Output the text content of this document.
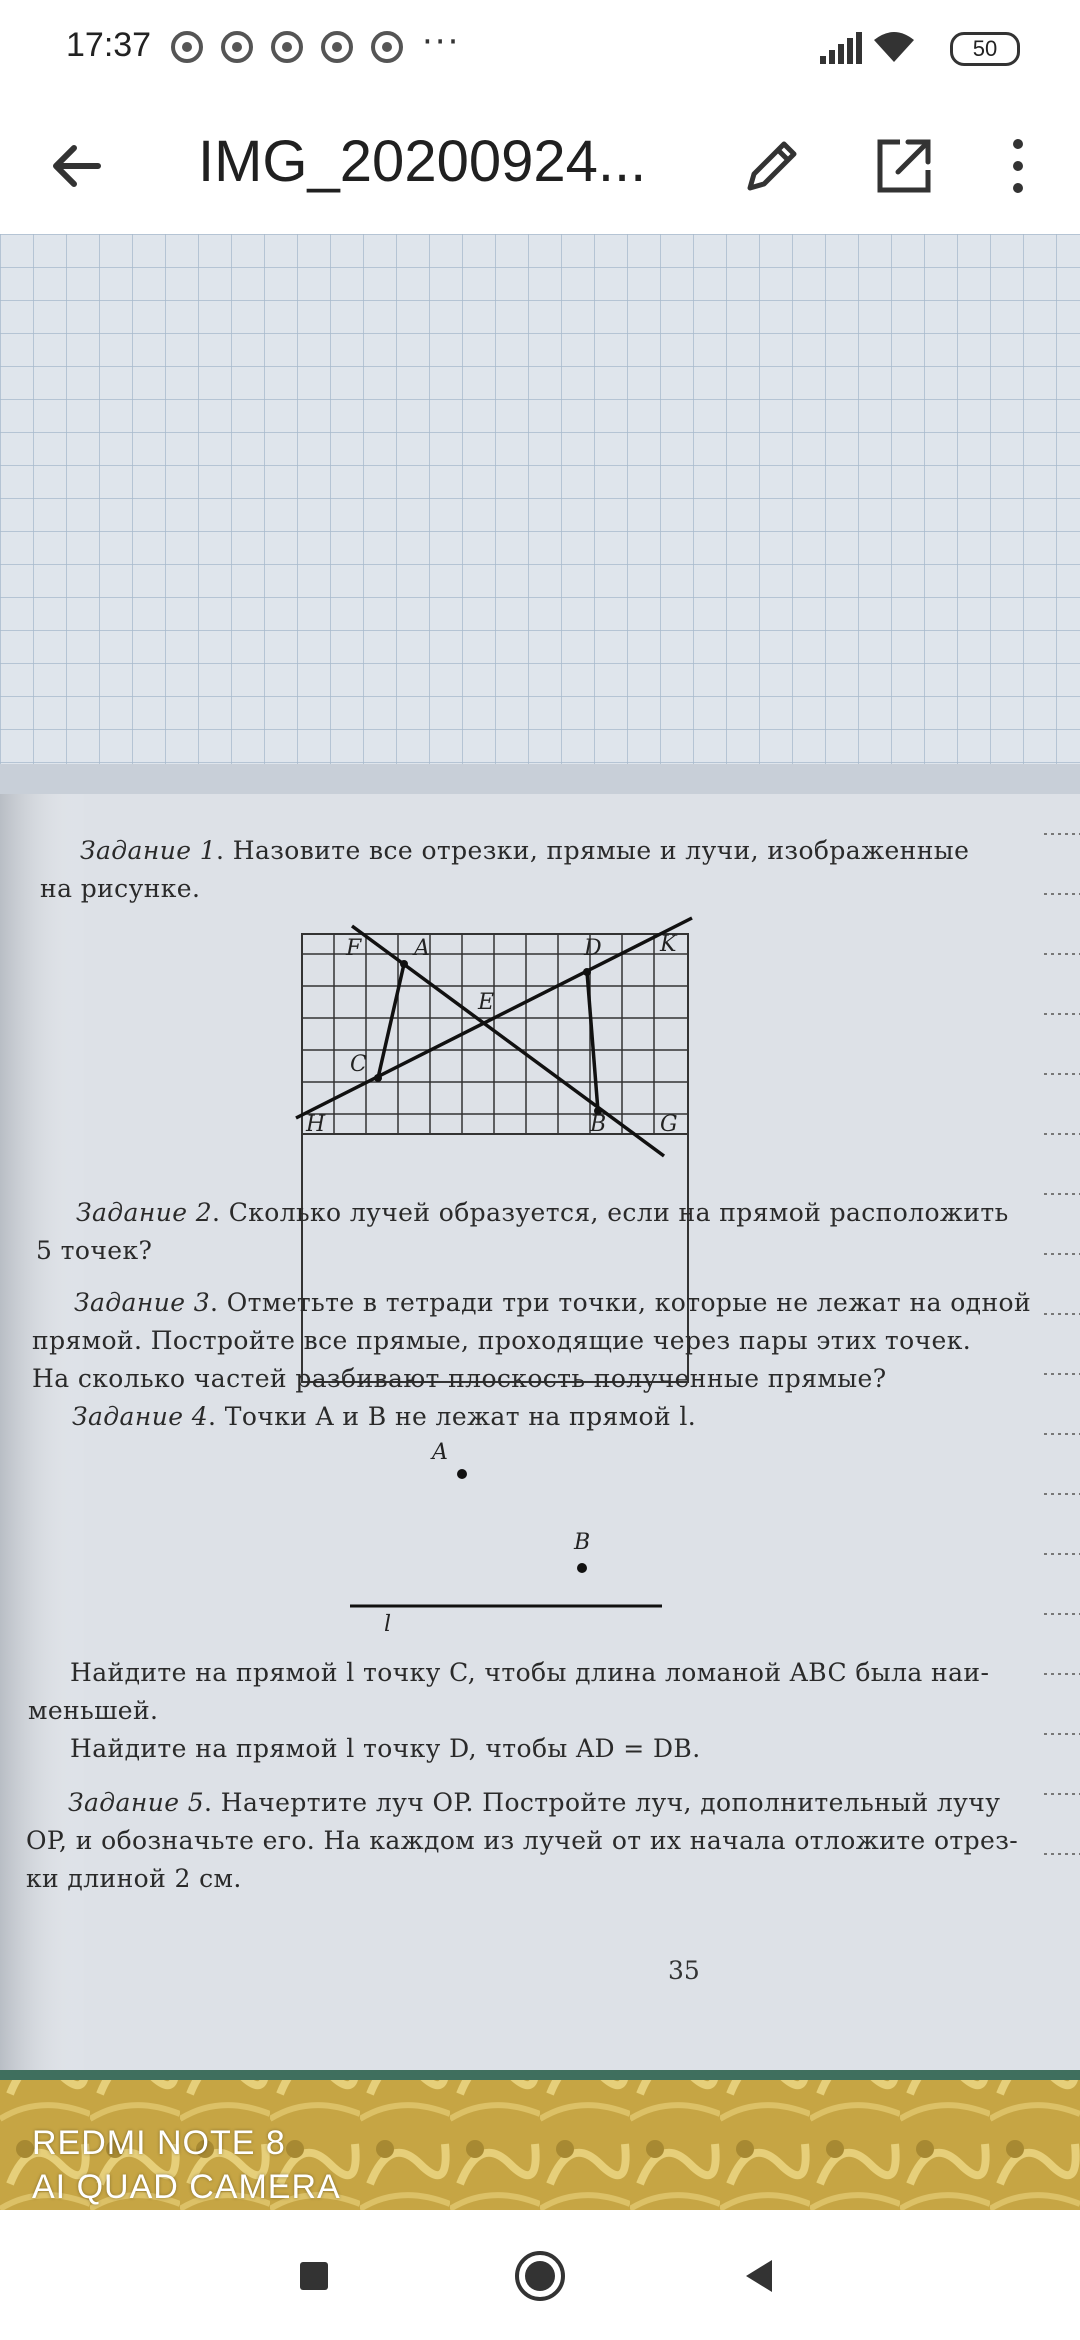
17:37	···	50
IMG_20200924...
F A	D	K
E
C
H	B G
A
B
l
Задание 1. Назовите все отрезки, прямые и лучи, изображенные
на рисунке.
Задание 2. Сколько лучей образуется, если на прямой расположить
5 точек?
Задание 3. Отметьте в тетради три точки, которые не лежат на одной
прямой. Постройте все прямые, проходящие через пары этих точек.
На сколько частей разбивают плоскость полученные прямые?
Задание 4. Точки A и B не лежат на прямой l.
Найдите на прямой l точку C, чтобы длина ломаной ABC была наи-
меньшей.
Найдите на прямой l точку D, чтобы AD = DB.
Задание 5. Начертите луч OP. Постройте луч, дополнительный лучу
OP, и обозначьте его. На каждом из лучей от их начала отложите отрез-
ки длиной 2 см.
35
REDMI NOTE 8
AI QUAD CAMERA
